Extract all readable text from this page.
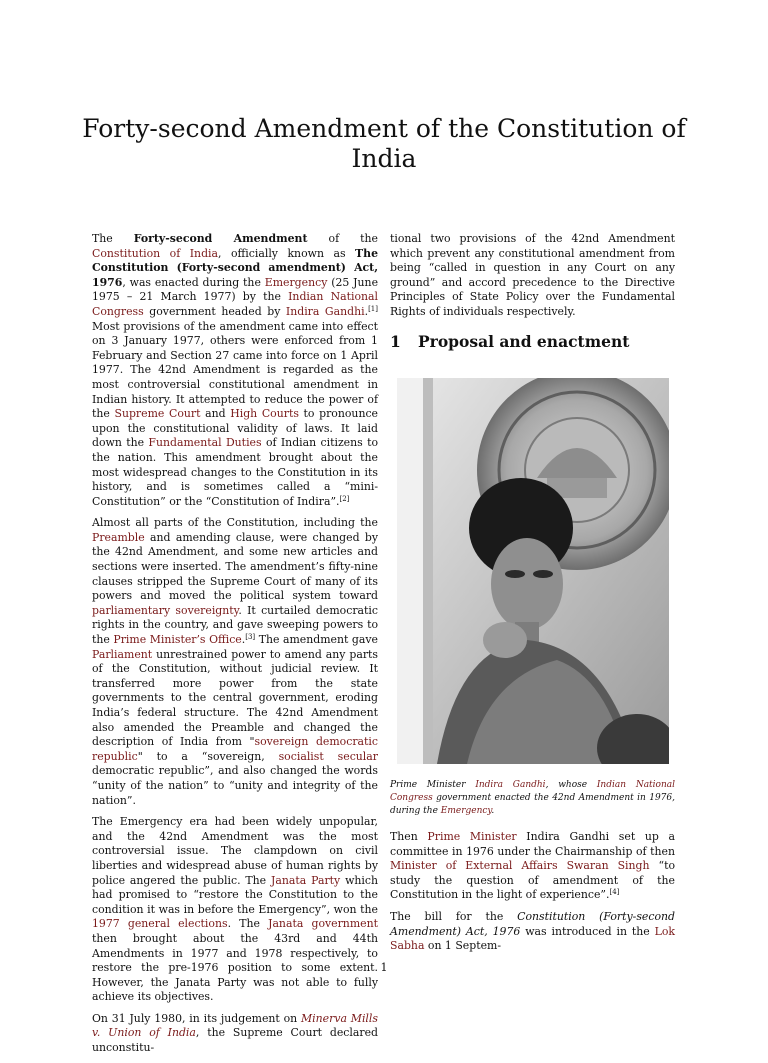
Forty-second Amendment of the Constitution of India

The Forty-second Amendment of the Constitution of India, officially known as The Constitution (Forty-second amendment) Act, 1976, was enacted during the Emergency (25 June 1975 – 21 March 1977) by the Indian National Congress government headed by Indira Gandhi.[1] Most provisions of the amendment came into effect on 3 January 1977, others were enforced from 1 February and Section 27 came into force on 1 April 1977. The 42nd Amendment is regarded as the most controversial constitutional amendment in Indian history. It attempted to reduce the power of the Supreme Court and High Courts to pronounce upon the constitutional validity of laws. It laid down the Fundamental Duties of Indian citizens to the nation. This amendment brought about the most widespread changes to the Constitution in its history, and is sometimes called a “mini-Constitution” or the “Constitution of Indira”.[2]

Almost all parts of the Constitution, including the Preamble and amending clause, were changed by the 42nd Amendment, and some new articles and sections were inserted. The amendment’s fifty-nine clauses stripped the Supreme Court of many of its powers and moved the political system toward parliamentary sovereignty. It curtailed democratic rights in the country, and gave sweeping powers to the Prime Minister’s Office.[3] The amendment gave Parliament unrestrained power to amend any parts of the Constitution, without judicial review. It transferred more power from the state governments to the central government, eroding India’s federal structure. The 42nd Amendment also amended the Preamble and changed the description of India from "sovereign democratic republic" to a “sovereign, socialist secular democratic republic”, and also changed the words “unity of the nation” to “unity and integrity of the nation”.

The Emergency era had been widely unpopular, and the 42nd Amendment was the most controversial issue. The clampdown on civil liberties and widespread abuse of human rights by police angered the public. The Janata Party which had promised to “restore the Constitution to the condition it was in before the Emergency”, won the 1977 general elections. The Janata government then brought about the 43rd and 44th Amendments in 1977 and 1978 respectively, to restore the pre-1976 position to some extent. However, the Janata Party was not able to fully achieve its objectives.

On 31 July 1980, in its judgement on Minerva Mills v. Union of India, the Supreme Court declared unconstitu-

tional two provisions of the 42nd Amendment which prevent any constitutional amendment from being “called in question in any Court on any ground” and accord precedence to the Directive Principles of State Policy over the Fundamental Rights of individuals respectively.

1 Proposal and enactment
Prime Minister Indira Gandhi, whose Indian National Congress government enacted the 42nd Amendment in 1976, during the Emergency.

Then Prime Minister Indira Gandhi set up a committee in 1976 under the Chairmanship of then Minister of External Affairs Swaran Singh “to study the question of amendment of the Constitution in the light of experience”.[4]

The bill for the Constitution (Forty-second Amendment) Act, 1976 was introduced in the Lok Sabha on 1 Septem-

1
